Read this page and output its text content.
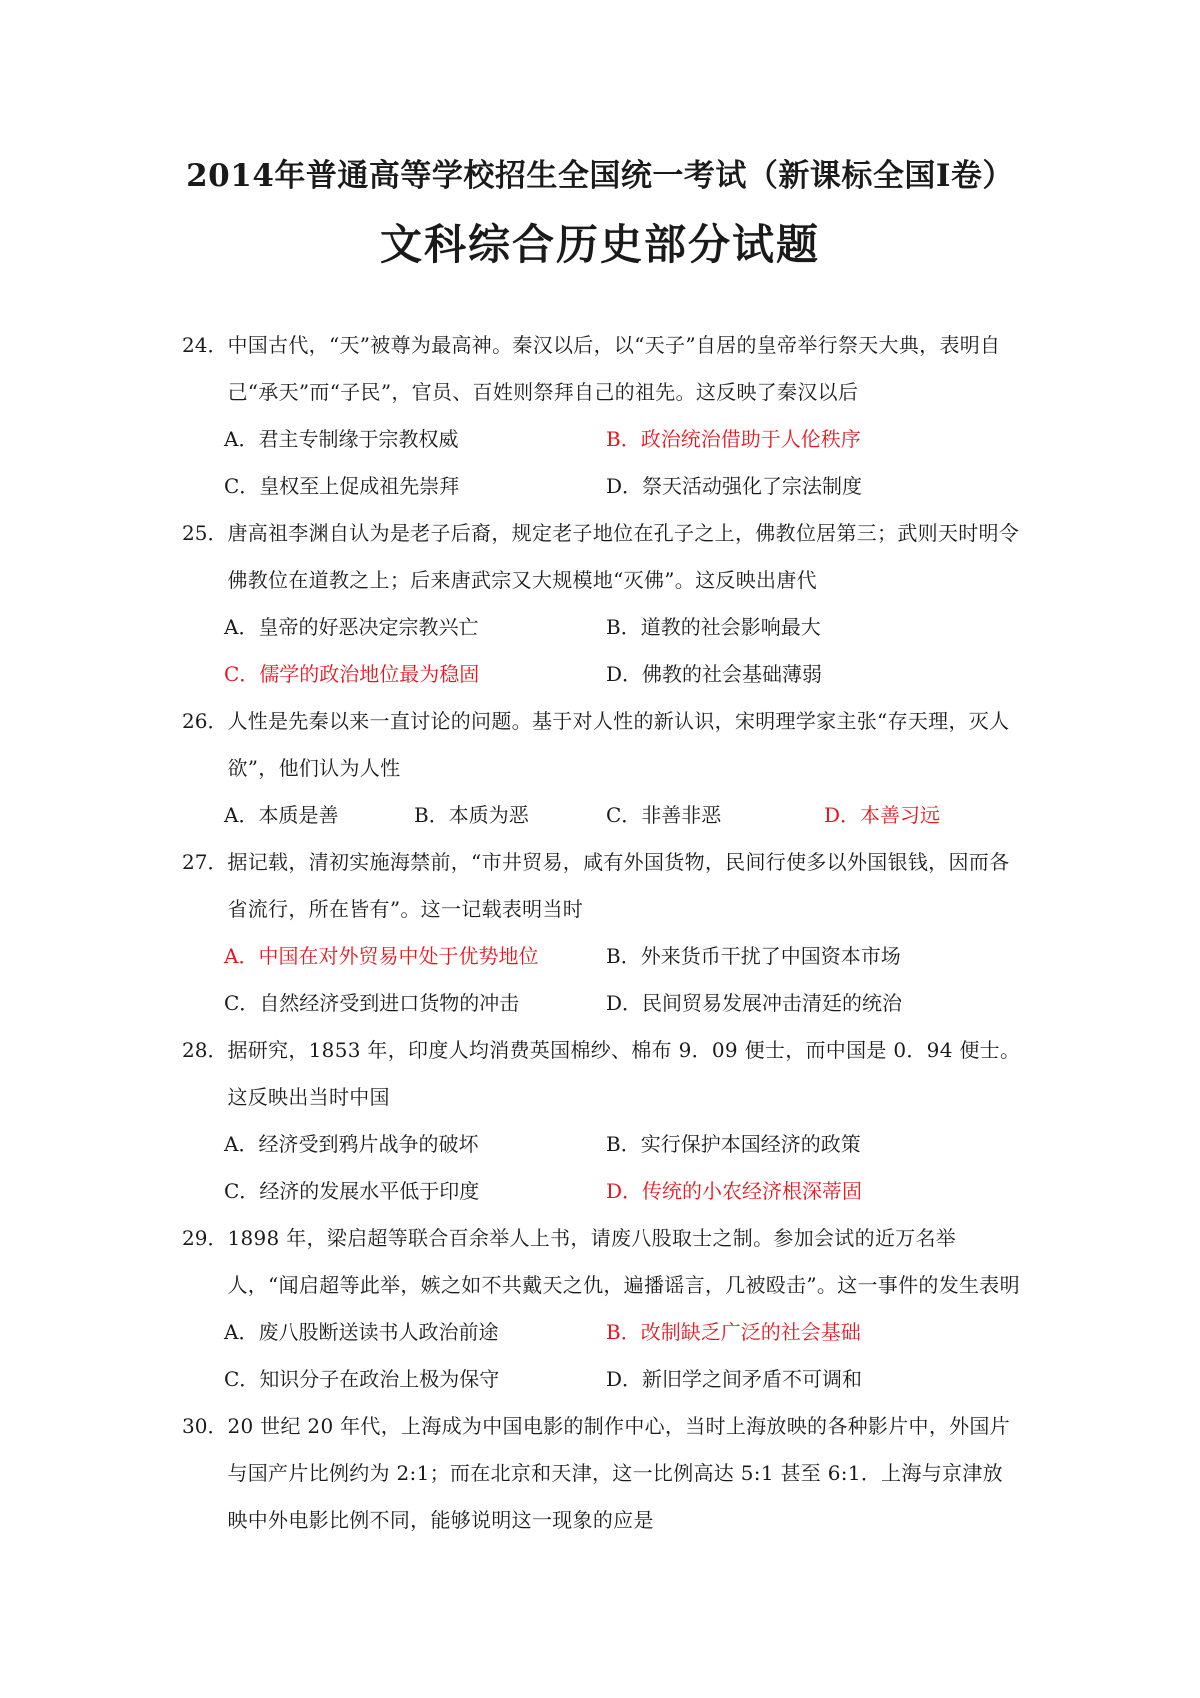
2014年普通高等学校招生全国统一考试（新课标全国Ⅰ卷）
文科综合历史部分试题
24． 中国古代，“天”被尊为最高神。秦汉以后，以“天子”自居的皇帝举行祭天大典，表明自己“承天”而“子民”，官员、百姓则祭拜自己的祖先。这反映了秦汉以后
A．君主专制缘于宗教权威	B．政治统治借助于人伦秩序
C．皇权至上促成祖先崇拜	D．祭天活动强化了宗法制度
25． 唐高祖李渊自认为是老子后裔，规定老子地位在孔子之上，佛教位居第三；武则天时明令佛教位在道教之上；后来唐武宗又大规模地“灭佛”。这反映出唐代
A．皇帝的好恶决定宗教兴亡	B．道教的社会影响最大
C．儒学的政治地位最为稳固	D．佛教的社会基础薄弱
26． 人性是先秦以来一直讨论的问题。基于对人性的新认识，宋明理学家主张“存天理，灭人欲”，他们认为人性
A．本质是善	B．本质为恶	C．非善非恶	D．本善习远
27． 据记载，清初实施海禁前，“市井贸易，咸有外国货物，民间行使多以外国银钱，因而各省流行，所在皆有”。这一记载表明当时
A．中国在对外贸易中处于优势地位	B．外来货币干扰了中国资本市场
C．自然经济受到进口货物的冲击	D．民间贸易发展冲击清廷的统治
28． 据研究，1853 年，印度人均消费英国棉纱、棉布 9．09 便士，而中国是 0．94 便士。这反映出当时中国
A．经济受到鸦片战争的破坏	B．实行保护本国经济的政策
C．经济的发展水平低于印度	D．传统的小农经济根深蒂固
29． 1898 年，梁启超等联合百余举人上书，请废八股取士之制。参加会试的近万名举人，“闻启超等此举，嫉之如不共戴天之仇，遍播谣言，几被殴击”。这一事件的发生表明
A．废八股断送读书人政治前途	B．改制缺乏广泛的社会基础
C．知识分子在政治上极为保守	D．新旧学之间矛盾不可调和
30． 20 世纪 20 年代，上海成为中国电影的制作中心，当时上海放映的各种影片中，外国片与国产片比例约为 2:1；而在北京和天津，这一比例高达 5:1 甚至 6:1．上海与京津放映中外电影比例不同，能够说明这一现象的应是
